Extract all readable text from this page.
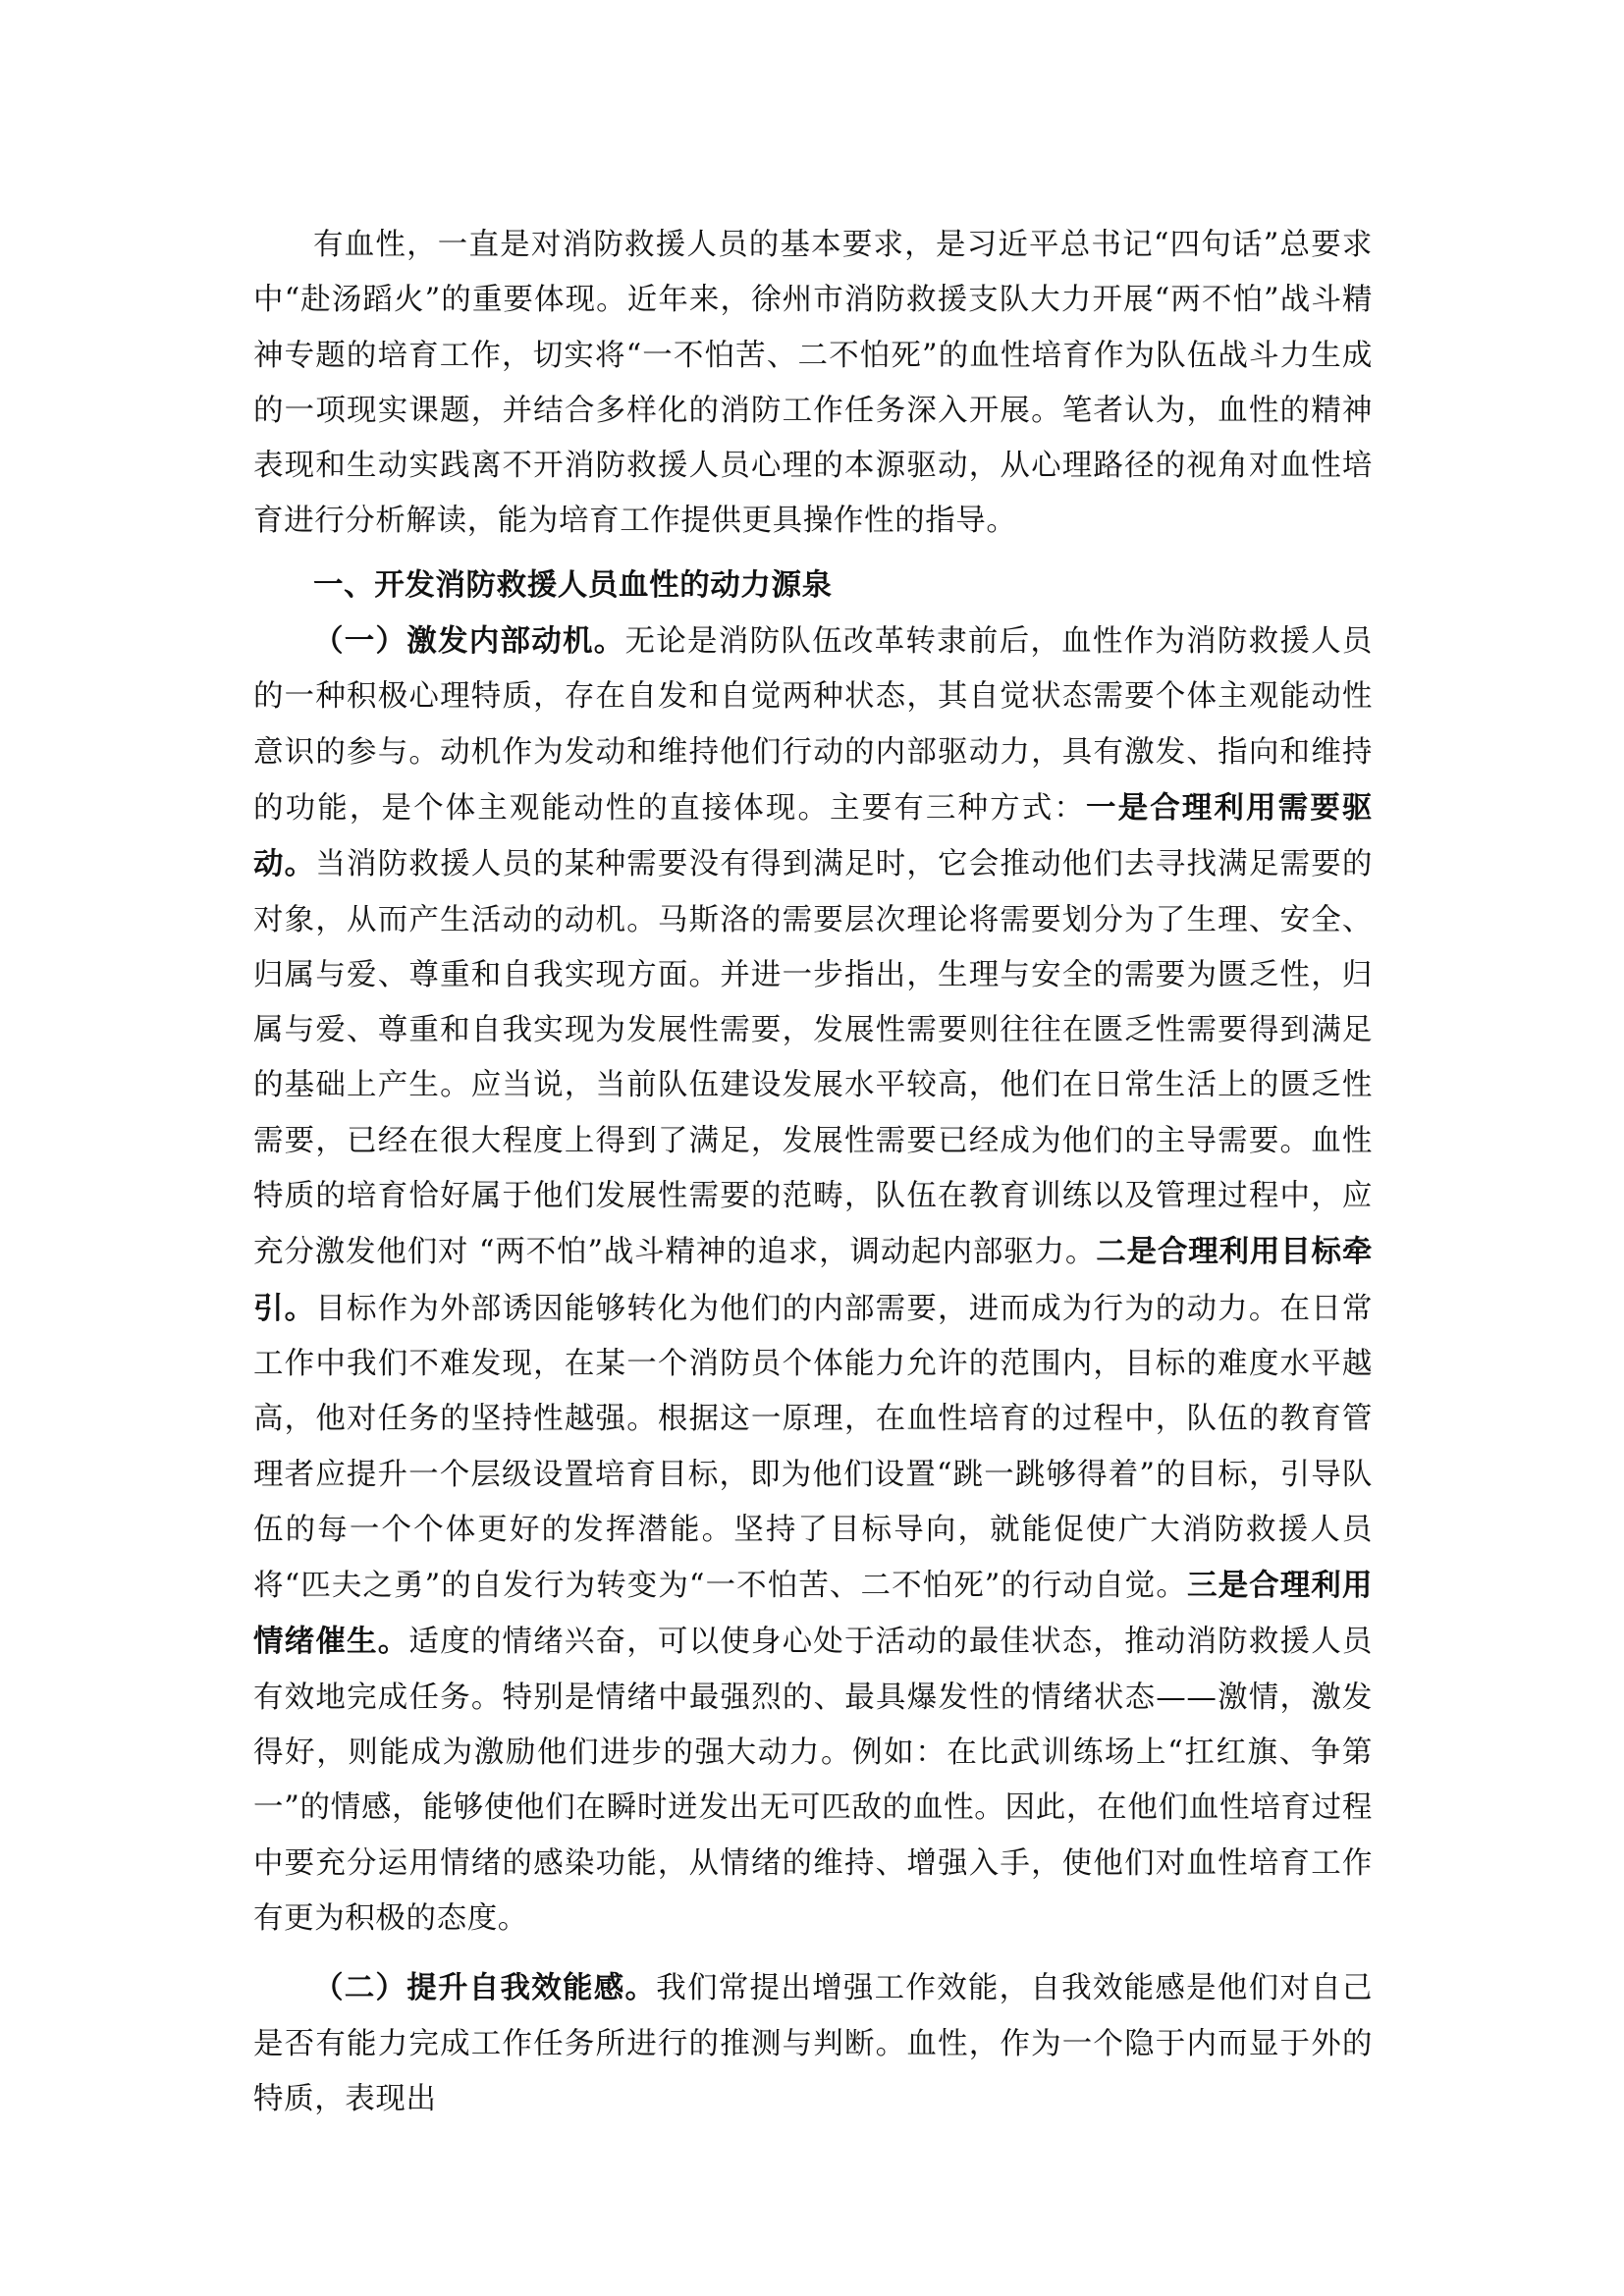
有血性，一直是对消防救援人员的基本要求，是习近平总书记“四句话”总要求中“赴汤蹈火”的重要体现。近年来，徐州市消防救援支队大力开展“两不怕”战斗精神专题的培育工作，切实将“一不怕苦、二不怕死”的血性培育作为队伍战斗力生成的一项现实课题，并结合多样化的消防工作任务深入开展。笔者认为，血性的精神表现和生动实践离不开消防救援人员心理的本源驱动，从心理路径的视角对血性培育进行分析解读，能为培育工作提供更具操作性的指导。

一、开发消防救援人员血性的动力源泉

（一）激发内部动机。无论是消防队伍改革转隶前后，血性作为消防救援人员的一种积极心理特质，存在自发和自觉两种状态，其自觉状态需要个体主观能动性意识的参与。动机作为发动和维持他们行动的内部驱动力，具有激发、指向和维持的功能，是个体主观能动性的直接体现。主要有三种方式：一是合理利用需要驱动。当消防救援人员的某种需要没有得到满足时，它会推动他们去寻找满足需要的对象，从而产生活动的动机。马斯洛的需要层次理论将需要划分为了生理、安全、归属与爱、尊重和自我实现方面。并进一步指出，生理与安全的需要为匮乏性，归属与爱、尊重和自我实现为发展性需要，发展性需要则往往在匮乏性需要得到满足的基础上产生。应当说，当前队伍建设发展水平较高，他们在日常生活上的匮乏性需要，已经在很大程度上得到了满足，发展性需要已经成为他们的主导需要。血性特质的培育恰好属于他们发展性需要的范畴，队伍在教育训练以及管理过程中，应充分激发他们对 “两不怕”战斗精神的追求，调动起内部驱力。二是合理利用目标牵引。目标作为外部诱因能够转化为他们的内部需要，进而成为行为的动力。在日常工作中我们不难发现，在某一个消防员个体能力允许的范围内，目标的难度水平越高，他对任务的坚持性越强。根据这一原理，在血性培育的过程中，队伍的教育管理者应提升一个层级设置培育目标，即为他们设置“跳一跳够得着”的目标，引导队伍的每一个个体更好的发挥潜能。坚持了目标导向，就能促使广大消防救援人员将“匹夫之勇”的自发行为转变为“一不怕苦、二不怕死”的行动自觉。三是合理利用情绪催生。适度的情绪兴奋，可以使身心处于活动的最佳状态，推动消防救援人员有效地完成任务。特别是情绪中最强烈的、最具爆发性的情绪状态——激情，激发得好，则能成为激励他们进步的强大动力。例如：在比武训练场上“扛红旗、争第一”的情感，能够使他们在瞬时迸发出无可匹敌的血性。因此，在他们血性培育过程中要充分运用情绪的感染功能，从情绪的维持、增强入手，使他们对血性培育工作有更为积极的态度。

（二）提升自我效能感。我们常提出增强工作效能，自我效能感是他们对自己是否有能力完成工作任务所进行的推测与判断。血性，作为一个隐于内而显于外的特质，表现出
